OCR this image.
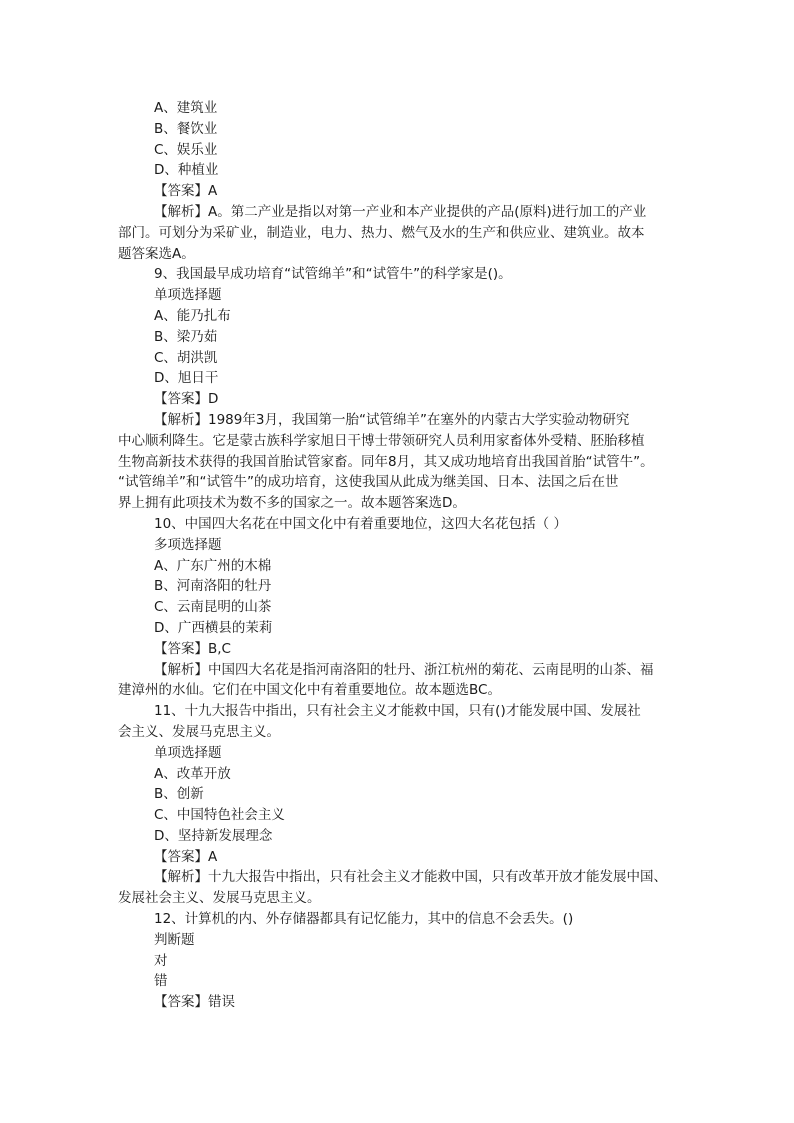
A、建筑业
B、餐饮业
C、娱乐业
D、种植业
【答案】A
【解析】A。第二产业是指以对第一产业和本产业提供的产品(原料)进行加工的产业
部门。可划分为采矿业，制造业，电力、热力、燃气及水的生产和供应业、建筑业。故本
题答案选A。
9、我国最早成功培育“试管绵羊”和“试管牛”的科学家是()。
单项选择题
A、能乃扎布
B、梁乃茹
C、胡洪凯
D、旭日干
【答案】D
【解析】1989年3月，我国第一胎“试管绵羊”在塞外的内蒙古大学实验动物研究
中心顺利降生。它是蒙古族科学家旭日干博士带领研究人员利用家畜体外受精、胚胎移植
生物高新技术获得的我国首胎试管家畜。同年8月，其又成功地培育出我国首胎“试管牛”。
“试管绵羊”和“试管牛”的成功培育，这使我国从此成为继美国、日本、法国之后在世
界上拥有此项技术为数不多的国家之一。故本题答案选D。
10、中国四大名花在中国文化中有着重要地位，这四大名花包括（ ）
多项选择题
A、广东广州的木棉
B、河南洛阳的牡丹
C、云南昆明的山茶
D、广西横县的茉莉
【答案】B,C
【解析】中国四大名花是指河南洛阳的牡丹、浙江杭州的菊花、云南昆明的山茶、福
建漳州的水仙。它们在中国文化中有着重要地位。故本题选BC。
11、十九大报告中指出，只有社会主义才能救中国，只有()才能发展中国、发展社
会主义、发展马克思主义。
单项选择题
A、改革开放
B、创新
C、中国特色社会主义
D、坚持新发展理念
【答案】A
【解析】十九大报告中指出，只有社会主义才能救中国，只有改革开放才能发展中国、
发展社会主义、发展马克思主义。
12、计算机的内、外存储器都具有记忆能力，其中的信息不会丢失。()
判断题
对
错
【答案】错误
